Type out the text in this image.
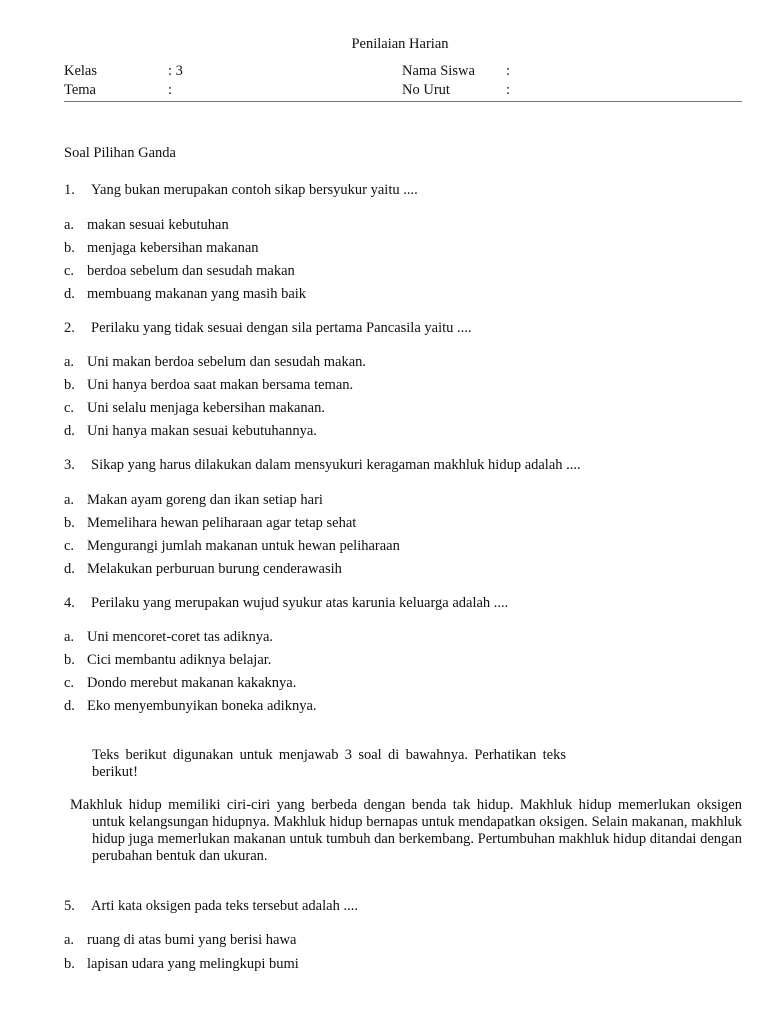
Penilaian Harian
Kelas	: 3	Nama Siswa :
Tema	:	No Urut	:
Soal Pilihan Ganda
1. Yang bukan merupakan contoh sikap bersyukur yaitu ....
a. makan sesuai kebutuhan
b. menjaga kebersihan makanan
c. berdoa sebelum dan sesudah makan
d. membuang makanan yang masih baik
2. Perilaku yang tidak sesuai dengan sila pertama Pancasila yaitu ....
a. Uni makan berdoa sebelum dan sesudah makan.
b. Uni hanya berdoa saat makan bersama teman.
c. Uni selalu menjaga kebersihan makanan.
d. Uni hanya makan sesuai kebutuhannya.
3. Sikap yang harus dilakukan dalam mensyukuri keragaman makhluk hidup adalah ....
a. Makan ayam goreng dan ikan setiap hari
b. Memelihara hewan peliharaan agar tetap sehat
c. Mengurangi jumlah makanan untuk hewan peliharaan
d. Melakukan perburuan burung cenderawasih
4. Perilaku yang merupakan wujud syukur atas karunia keluarga adalah ....
a. Uni mencoret-coret tas adiknya.
b. Cici membantu adiknya belajar.
c. Dondo merebut makanan kakaknya.
d. Eko menyembunyikan boneka adiknya.
Teks berikut digunakan untuk menjawab 3 soal di bawahnya. Perhatikan teks berikut!
Makhluk hidup memiliki ciri-ciri yang berbeda dengan benda tak hidup. Makhluk hidup memerlukan oksigen untuk kelangsungan hidupnya. Makhluk hidup bernapas untuk mendapatkan oksigen. Selain makanan, makhluk hidup juga memerlukan makanan untuk tumbuh dan berkembang. Pertumbuhan makhluk hidup ditandai dengan perubahan bentuk dan ukuran.
5. Arti kata oksigen pada teks tersebut adalah ....
a. ruang di atas bumi yang berisi hawa
b. lapisan udara yang melingkupi bumi
